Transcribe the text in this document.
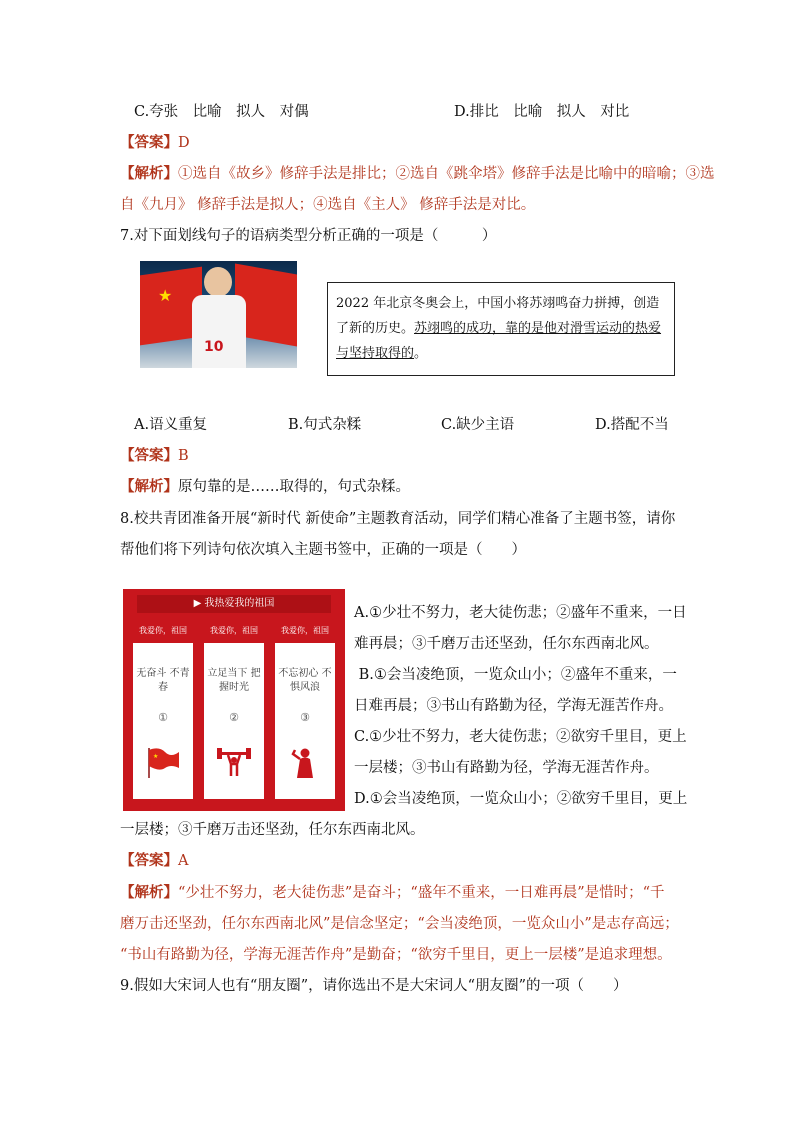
C.夸张　比喻　拟人　对偶	D.排比　比喻　拟人　对比
【答案】D
【解析】①选自《故乡》修辞手法是排比；②选自《跳伞塔》修辞手法是比喻中的暗喻；③选
自《九月》 修辞手法是拟人；④选自《主人》 修辞手法是对比。
7.对下面划线句子的语病类型分析正确的一项是（　　　）
★
10
2022 年北京冬奥会上，中国小将苏翊鸣奋力拼搏，创造了新的历史。苏翊鸣的成功，靠的是他对滑雪运动的热爱与坚持取得的。
A.语义重复	B.句式杂糅	C.缺少主语	D.搭配不当
【答案】B
【解析】原句靠的是……取得的，句式杂糅。
8.校共青团准备开展“新时代 新使命”主题教育活动，同学们精心准备了主题书签，请你
帮他们将下列诗句依次填入主题书签中，正确的一项是（　　）
▶ 我热爱我的祖国
我爱你，祖国
无奋斗 不青春
①
★
我爱你，祖国
立足当下 把握时光
②
我爱你，祖国
不忘初心 不惧风浪
③
A.①少壮不努力，老大徒伤悲；②盛年不重来，一日
难再晨；③千磨万击还坚劲，任尔东西南北风。
B.①会当凌绝顶，一览众山小；②盛年不重来，一
日难再晨；③书山有路勤为径，学海无涯苦作舟。
C.①少壮不努力，老大徒伤悲；②欲穷千里目，更上
一层楼；③书山有路勤为径，学海无涯苦作舟。
D.①会当凌绝顶，一览众山小；②欲穷千里目，更上
一层楼；③千磨万击还坚劲，任尔东西南北风。
【答案】A
【解析】“少壮不努力，老大徒伤悲”是奋斗；“盛年不重来，一日难再晨”是惜时；“千
磨万击还坚劲，任尔东西南北风”是信念坚定；“会当凌绝顶，一览众山小”是志存高远；
“书山有路勤为径，学海无涯苦作舟”是勤奋；“欲穷千里目，更上一层楼”是追求理想。
9.假如大宋词人也有“朋友圈”，请你选出不是大宋词人“朋友圈”的一项（　　）
